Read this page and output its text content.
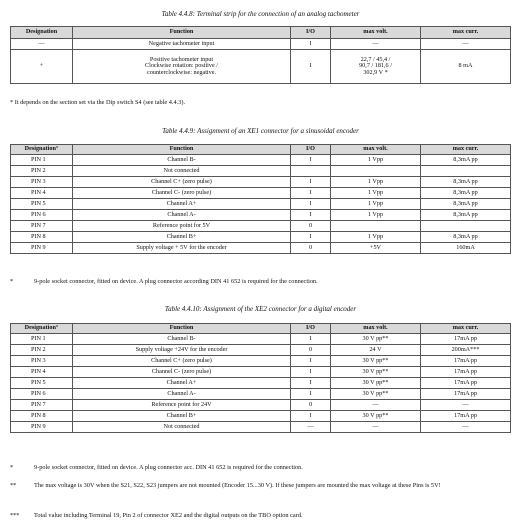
Table 4.4.8: Terminal strip for the connection of an analog tachometer
Designation	Function	I/O	max volt.	max curr.
—	Negative tachometer input	I	—	—
+	Positive tachometer input
Clockwise rotation: positive /
counterclockwise: negative.	I	22,7 / 45,4 /
90,7 / 181,6 /
302,9 V *	8 mA
* It depends on the section set via the Dip switch S4 (see table 4.4.3).
Table 4.4.9: Assignment of an XE1 connector for a sinusoidal encoder
Designation°	Function	I/O	max volt.	max curr.
PIN 1	Channel B-	I	1 Vpp	8,3mA pp
PIN 2	Not connected			
PIN 3	Channel C+ (zero pulse)	I	1 Vpp	8,3mA pp
PIN 4	Channel C- (zero pulse)	I	1 Vpp	8,3mA pp
PIN 5	Channel A+	I	1 Vpp	8,3mA pp
PIN 6	Channel A-	I	1 Vpp	8,3mA pp
PIN 7	Reference point for 5V	0		
PIN 8	Channel B+	I	1 Vpp	8,3mA pp
PIN 9	Supply voltage + 5V for the encoder	0	+5V	160mA
*	9-pole socket connector, fitted on device. A plug connector according DIN 41 652 is required for the connection.
Table 4.4.10: Assignment of the XE2 connector for a digital encoder
Designation°	Function	I/O	max volt.	max curr.
PIN 1	Channel B-	I	30 V pp**	17mA pp
PIN 2	Supply voltage +24V for the encoder	0	24 V	200mA***
PIN 3	Channel C+ (zero pulse)	I	30 V pp**	17mA pp
PIN 4	Channel C- (zero pulse)	I	30 V pp**	17mA pp
PIN 5	Channel A+	I	30 V pp**	17mA pp
PIN 6	Channel A-	I	30 V pp**	17mA pp
PIN 7	Reference point for 24V	0	—	—
PIN 8	Channel B+	I	30 V pp**	17mA pp
PIN 9	Not connected	—	—	—
*	9-pole socket connector, fitted on device. A plug connector acc. DIN 41 652 is required for the connection.
**	The max voltage is 30V when the S21, S22, S23 jumpers are not mounted (Encoder 15...30 V). If these jumpers are mounted the max voltage at these Pins is 5V!
*** Total value including Terminal 19, Pin 2 of connector XE2 and the digital outputs on the TBO option card.
